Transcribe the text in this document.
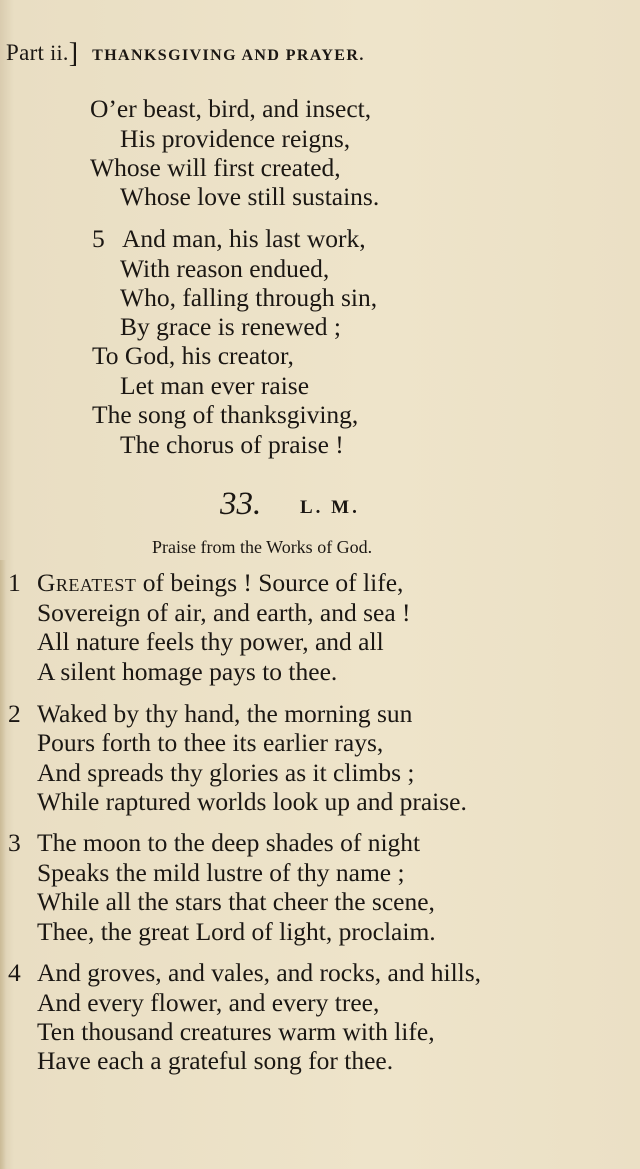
Part ii.] THANKSGIVING AND PRAYER.
O’er beast, bird, and insect,
His providence reigns,
Whose will first created,
Whose love still sustains.
5 And man, his last work,
With reason endued,
Who, falling through sin,
By grace is renewed ;
To God, his creator,
Let man ever raise
The song of thanksgiving,
The chorus of praise !
33. L. M.
Praise from the Works of God.
1 Greatest of beings ! Source of life,
Sovereign of air, and earth, and sea !
All nature feels thy power, and all
A silent homage pays to thee.
2 Waked by thy hand, the morning sun
Pours forth to thee its earlier rays,
And spreads thy glories as it climbs ;
While raptured worlds look up and praise.
3 The moon to the deep shades of night
Speaks the mild lustre of thy name ;
While all the stars that cheer the scene,
Thee, the great Lord of light, proclaim.
4 And groves, and vales, and rocks, and hills,
And every flower, and every tree,
Ten thousand creatures warm with life,
Have each a grateful song for thee.
